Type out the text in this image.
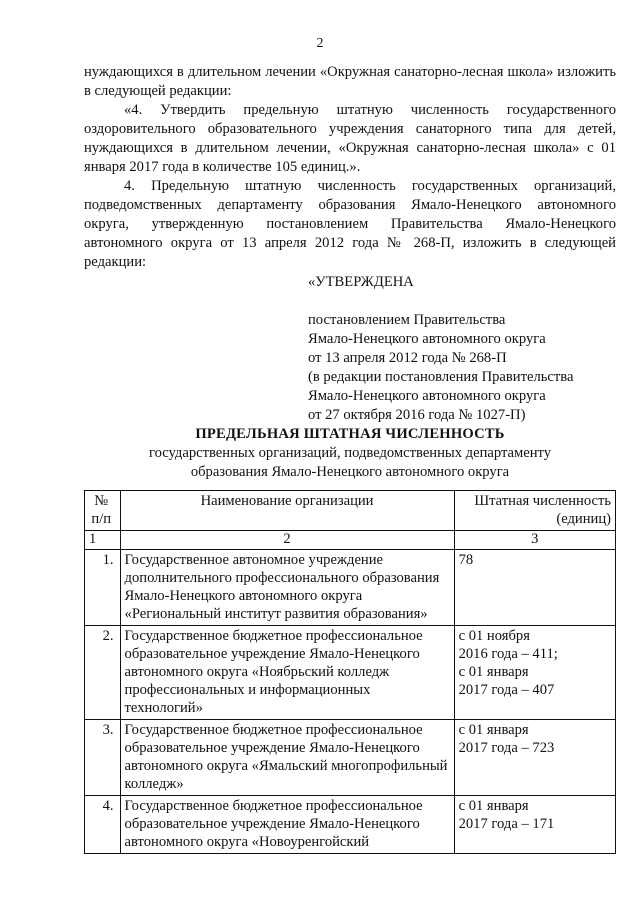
2

нуждающихся в длительном лечении «Окружная санаторно-лесная школа» изложить в следующей редакции:

«4. Утвердить предельную штатную численность государственного оздоровительного образовательного учреждения санаторного типа для детей, нуждающихся в длительном лечении, «Окружная санаторно-лесная школа» с 01 января 2017 года в количестве 105 единиц.».

4. Предельную штатную численность государственных организаций, подведомственных департаменту образования Ямало-Ненецкого автономного округа, утвержденную постановлением Правительства Ямало-Ненецкого автономного округа от 13 апреля 2012 года № 268-П, изложить в следующей редакции:

«УТВЕРЖДЕНА
постановлением Правительства
Ямало-Ненецкого автономного округа
от 13 апреля 2012 года № 268-П
(в редакции постановления Правительства
Ямало-Ненецкого автономного округа
от 27 октября 2016 года № 1027-П)
ПРЕДЕЛЬНАЯ ШТАТНАЯ ЧИСЛЕННОСТЬ
государственных организаций, подведомственных департаменту
образования Ямало-Ненецкого автономного округа
№
п/п	Наименование организации	Штатная численность
(единиц)
1	2	3
1.	Государственное автономное учреждение дополнительного профессионального образования Ямало-Ненецкого автономного округа «Региональный институт развития образования»	78
2.	Государственное бюджетное профессиональное образовательное учреждение Ямало-Ненецкого автономного округа «Ноябрьский колледж профессиональных и информационных технологий»	с 01 ноября
2016 года – 411;
с 01 января
2017 года – 407
3.	Государственное бюджетное профессиональное образовательное учреждение Ямало-Ненецкого автономного округа «Ямальский многопрофильный колледж»	с 01 января
2017 года – 723
4.	Государственное бюджетное профессиональное образовательное учреждение Ямало-Ненецкого автономного округа «Новоуренгойский	с 01 января
2017 года – 171
